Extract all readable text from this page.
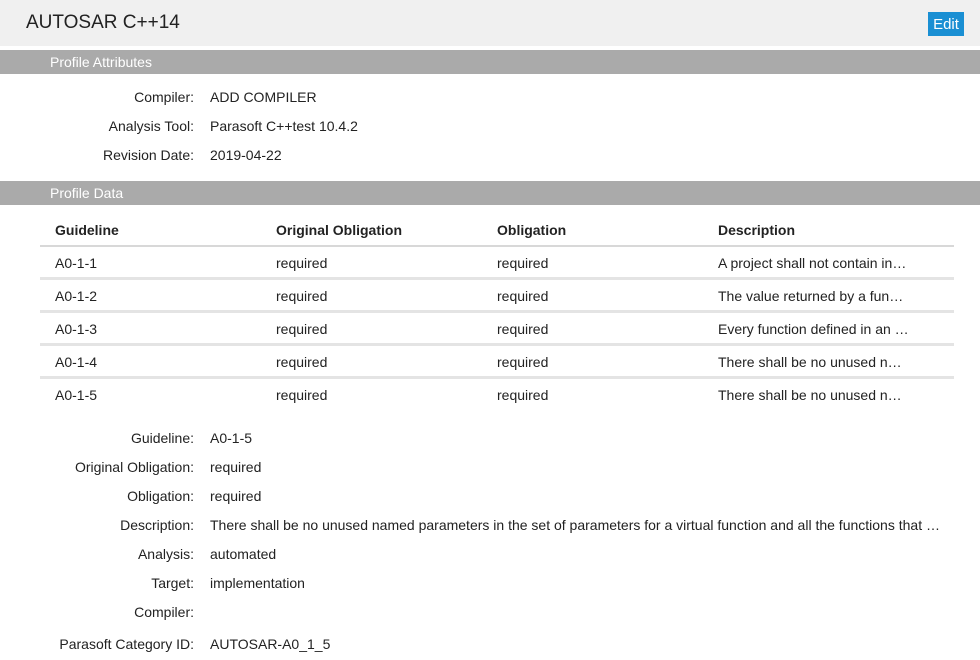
AUTOSAR C++14	Edit
Profile Attributes
Compiler: ADD COMPILER
Analysis Tool: Parasoft C++test 10.4.2
Revision Date: 2019-04-22
Profile Data
Guideline	Original Obligation	Obligation	Description
A0-1-1	required	required	A project shall not contain in…
A0-1-2	required	required	The value returned by a fun…
A0-1-3	required	required	Every function defined in an …
A0-1-4	required	required	There shall be no unused n…
A0-1-5	required	required	There shall be no unused n…
Guideline: A0-1-5
Original Obligation: required
Obligation: required
Description: There shall be no unused named parameters in the set of parameters for a virtual function and all the functions that …
Analysis: automated
Target: implementation
Compiler:
Parasoft Category ID: AUTOSAR-A0_1_5
